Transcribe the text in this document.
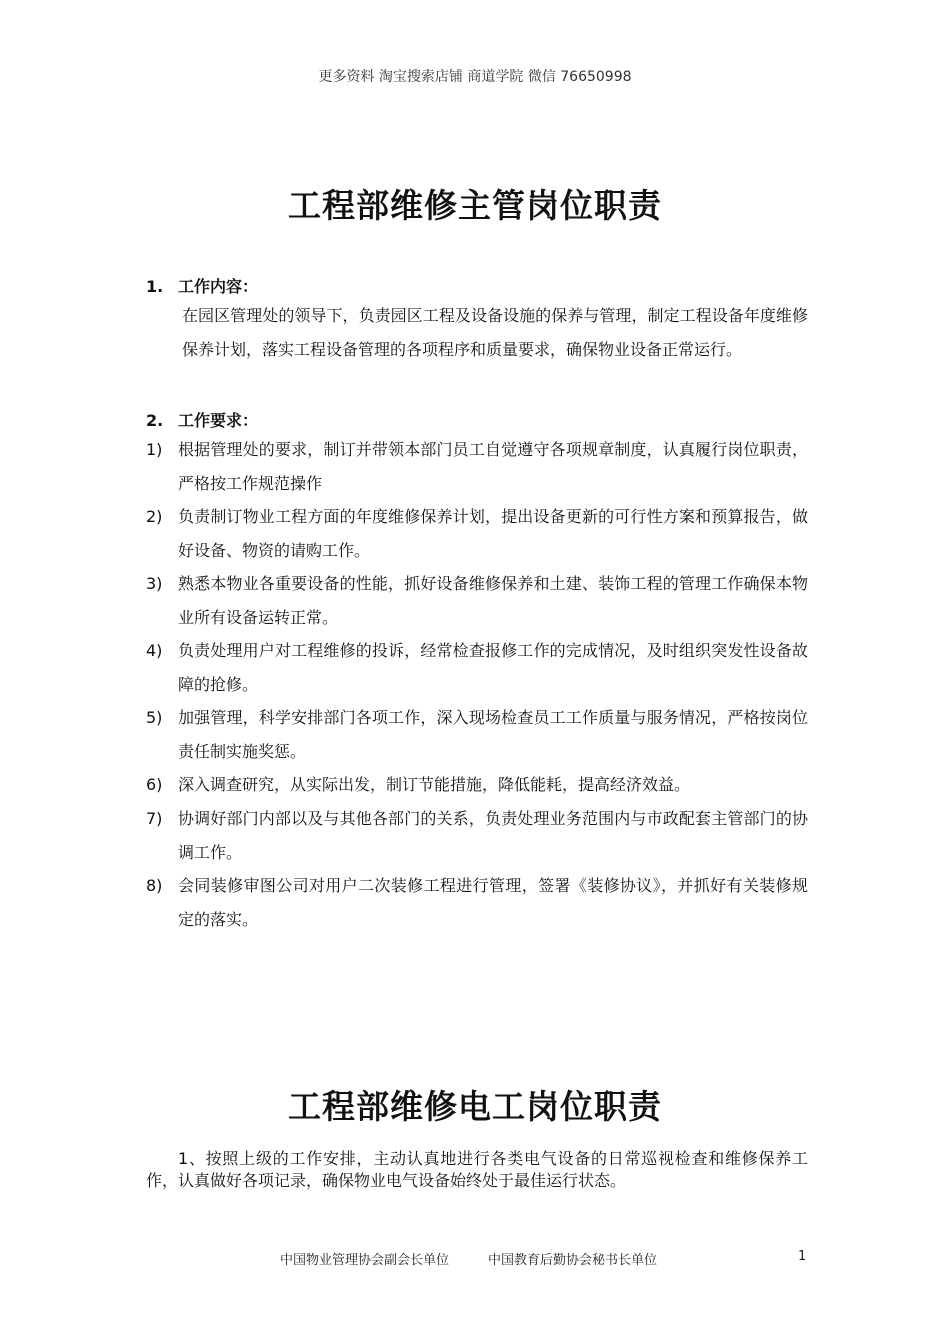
更多资料 淘宝搜索店铺 商道学院 微信 76650998
工程部维修主管岗位职责
1. 工作内容：
在园区管理处的领导下，负责园区工程及设备设施的保养与管理，制定工程设备年度维修保养计划，落实工程设备管理的各项程序和质量要求，确保物业设备正常运行。
2. 工作要求：
1) 根据管理处的要求，制订并带领本部门员工自觉遵守各项规章制度，认真履行岗位职责，严格按工作规范操作
2) 负责制订物业工程方面的年度维修保养计划，提出设备更新的可行性方案和预算报告，做好设备、物资的请购工作。
3) 熟悉本物业各重要设备的性能，抓好设备维修保养和土建、装饰工程的管理工作确保本物业所有设备运转正常。
4) 负责处理用户对工程维修的投诉，经常检查报修工作的完成情况，及时组织突发性设备故障的抢修。
5) 加强管理，科学安排部门各项工作，深入现场检查员工工作质量与服务情况，严格按岗位责任制实施奖惩。
6) 深入调查研究，从实际出发，制订节能措施，降低能耗，提高经济效益。
7) 协调好部门内部以及与其他各部门的关系，负责处理业务范围内与市政配套主管部门的协调工作。
8) 会同装修审图公司对用户二次装修工程进行管理，签署《装修协议》，并抓好有关装修规定的落实。
工程部维修电工岗位职责
1、按照上级的工作安排，主动认真地进行各类电气设备的日常巡视检查和维修保养工作，认真做好各项记录，确保物业电气设备始终处于最佳运行状态。
中国物业管理协会副会长单位	中国教育后勤协会秘书长单位	1
